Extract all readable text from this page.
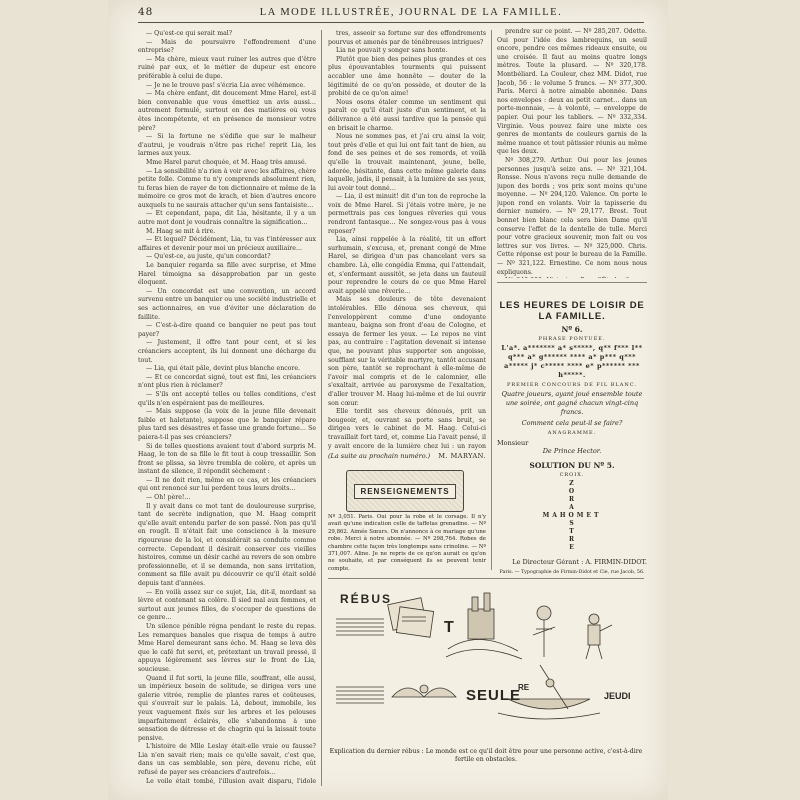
48	LA MODE ILLUSTRÉE, JOURNAL DE LA FAMILLE.

— Qu'est-ce qui serait mal?

— Mais de poursuivre l'effondrement d'une entreprise?

— Ma chère, mieux vaut ruiner les autres que d'être ruiné par eux, et le métier de dupeur est encore préférable à celui de dupe.

— Je ne le trouve pas! s'écria Lia avec véhémence.

— Ma chère enfant, dit doucement Mme Harel, est-il bien convenable que vous émettiez un avis aussi… autrement formulé, surtout en des matières où vous êtes incompétente, et en présence de monsieur votre père?

— Si la fortune ne s'édifie que sur le malheur d'autrui, je voudrais n'être pas riche! reprit Lia, les larmes aux yeux.

Mme Harel parut choquée, et M. Haag très amusé.

— La sensibilité n'a rien à voir avec les affaires, chère petite folle. Comme tu n'y comprends absolument rien, tu feras bien de rayer de ton dictionnaire et même de la mémoire ce gros mot de krach, et bien d'autres encore auxquels tu ne saurais attacher qu'un sens fantaisiste…

— Et cependant, papa, dit Lia, hésitante, il y a un autre mot dont je voudrais connaître la signification…

M. Haag se mit à rire.

— Et lequel? Décidément, Lia, tu vas t'intéresser aux affaires et devenir pour moi un précieux auxiliaire…

— Qu'est-ce, au juste, qu'un concordat?

Le banquier regarda sa fille avec surprise, et Mme Harel témoigna sa désapprobation par un geste éloquent.

— Un concordat est une convention, un accord survenu entre un banquier ou une société industrielle et ses actionnaires, en vue d'éviter une déclaration de faillite.

— C'est-à-dire quand ce banquier ne peut pas tout payer?

— Justement, il offre tant pour cent, et si les créanciers acceptent, ils lui donnent une décharge du tout.

— Lia, qui était pâle, devint plus blanche encore.

— Et ce concordat signé, tout est fini, les créanciers n'ont plus rien à réclamer?

— S'ils ont accepté telles ou telles conditions, c'est qu'ils n'en espéraient pas de meilleures.

— Mais suppose (la voix de la jeune fille devenait faible et haletante), suppose que le banquier répare plus tard ses désastres et fasse une grande fortune… Se paiera-t-il pas ses créanciers?

Si de telles questions avaient tout d'abord surpris M. Haag, le ton de sa fille le fit tout à coup tressaillir. Son front se plissa, sa lèvre trembla de colère, et après un instant de silence, il répondit sèchement :

— Il ne doit rien, même en ce cas, et les créanciers qui ont renoncé sur lui perdent tous leurs droits…

— Oh! père!…

Il y avait dans ce mot tant de douloureuse surprise, tant de secrète indignation, que M. Haag comprit qu'elle avait entendu parler de son passé. Non pas qu'il en rougît. Il n'était fait une conscience à la mesure rigoureuse de la loi, et considérait sa conduite comme correcte. Cependant il désirait conserver ces vieilles histoires, comme un désir caché au revers de son ombre professionnelle, et il se demanda, non sans irritation, comment sa fille avait pu découvrir ce qu'il était soldé depuis tant d'années.

— En voilà assez sur ce sujet, Lia, dit-il, mordant sa lèvre et contenant sa colère. Il sied mal aux femmes, et surtout aux jeunes filles, de s'occuper de questions de ce genre…

Un silence pénible régna pendant le reste du repas. Les remarques banales que risqua de temps à autre Mme Harel demeurant sans écho. M. Haag se leva dès que le café fut servi, et, prétextant un travail pressé, il appuya légèrement ses lèvres sur le front de Lia, soucieuse.

Quand il fut sorti, la jeune fille, souffrant, elle aussi, un impérieux besoin de solitude, se dirigea vers une galerie vitrée, remplie de plantes rares et coûteuses, qui s'ouvrait sur le palais. Là, debout, immobile, les yeux vaguement fixés sur les arbres et les pelouses imparfaitement éclairés, elle s'abandonna à une sensation de détresse et de chagrin qui la laissait toute pensive.

L'histoire de Mlle Leslay était-elle vraie ou fausse? Lia n'en savait rien; mais ce qu'elle savait, c'est que, dans un cas semblable, son père, devenu riche, eût refusé de payer ses créanciers d'autrefois…

Le voile était tombé, l'illusion avait disparu, l'idole

tres, asseoir sa fortune sur des effondrements pourvus et amenés par de ténébreuses intrigues?

Lia ne pouvait y songer sans honte.

Plutôt que bien des peines plus grandes et ces plus épouvantables tourments qui puissent accabler une âme honnête — douter de la légitimité de ce qu'on possède, et douter de la probité de ce qu'on aime!

Nous osons étaler comme un sentiment qui paraît ce qu'il était juste d'un sentiment, et la délivrance a été aussi tardive que la pensée qui en brisait le charme.

Nous ne sommes pas, et j'ai cru ainsi la voir, tout près d'elle et qui lui ont fait tant de bien, au fond de ses peines et de ses remords, et voilà qu'elle la trouvait maintenant, jeune, belle, adorée, hésitante, dans cette même galerie dans laquelle, jadis, il pensait, à la lumière de ses yeux, lui avoir tout donné…

— Lia, il est minuit! dit d'un ton de reproche la voix de Mme Harel. Si j'étais votre mère, je ne permettrais pas ces longues rêveries qui vous rendront fantasque… Ne songez-vous pas à vous reposer?

Lia, ainsi rappelée à la réalité, tit un effort surhumain, s'excusa, et, prenant congé de Mme Harel, se dirigea d'un pas chancelant vers sa chambre. Là, elle congédia Emma, qui l'attendait, et, s'enfermant aussitôt, se jeta dans un fauteuil pour reprendre le cours de ce que Mme Harel avait appelé une rêverie…

Mais ses douleurs de tête devenaient intolérables. Elle dénoua ses cheveux, qui l'enveloppèrent comme d'une ondoyante manteau, baigna son front d'eau de Cologne, et essaya de fermer les yeux. — Le repos ne vint pas, au contraire : l'agitation devenait si intense que, ne pouvant plus supporter son angoisse, soufflant sur la véritable martyre, tantôt accusant son père, tantôt se reprochant à elle-même de l'avoir mal compris et de le calomnier, elle s'exaltait, arrivée au paroxysme de l'exaltation, d'aller trouver M. Haag lui-même et de lui ouvrir son cœur.

Elle tordit ses cheveux dénoués, prit un bougeoir, et, ouvrant sa porte sans bruit, se dirigea vers le cabinet de M. Haag. Celui-ci travaillait fort tard, et, comme Lia l'avait pensé, il y avait encore de la lumière chez lui : un rayon

(La suite au prochain numéro.) M. MARYAN.
RENSEIGNEMENTS

Nº 3,051. Paris. Oui pour la robe et le corsage. Il n'y avait qu'une indication celle de taffetas grenadine. — Nº 29,862. Aimée Sœurs. On n'annonce à ce mariage qu'une robe. Merci à notre abonnée. — Nº 298,764. Robes de chambre cette façon très longtemps sans crinoline. — Nº 371,007. Aline. Je ne repris de ce qu'on aurait ce qu'on ne souhaite, et par conséquent ils se peuvent tenir compte.

prendre sur ce point. — Nº 285,207. Odette. Oui pour l'idée des lambrequins, un seuil encore, pendre ces mêmes rideaux ensuite, ou une croisée. Il faut au moins quatre longs mètres. Toute la plusard. — Nº 320,178. Montbéliard. La Couleur, chez MM. Didot, rue Jacob, 56 : le volume 5 francs. — Nº 377,300. Paris. Merci à notre aimable abonnée. Dans nos envelopes : deux au petit carnet… dans un porte-monnaie, — à volonté, — enveloppe de papier. Oui pour les tabliers. — Nº 332,334. Virginie. Vous pouvez faire une mixte ces genres de montants de couleurs garnis de la même nuance et tout pâtissier réunis au même que les deux.

Nº 308,279. Arthur. Oui pour les jeunes personnes jusqu'à seize ans. — Nº 321,104. Ronsse. Nous n'avons reçu nulle demande de jupon des bords ; vos prix sont moins qu'une moyenne. — Nº 294,120. Valence. On porte le jupon rond en volants. Voir la tapisserie du dernier numéro. — Nº 29,177. Brest. Tout bonnet bien blanc cela sera bien Dame qu'il conserve l'effet de la dentelle de tulle. Merci pour votre gracieux souvenir, mon fait ou vos lettres sur vos livres. — Nº 325,000. Chris. Cette réponse est pour le bureau de la Famille. — Nº 321,122. Ernestine. Ce nom nous nous expliquons.

LES HEURES DE LOISIR DE LA FAMILLE.
Nº 6.
PHRASE PONTUÉE.
L'a*. a******* a* s*****, q** f*** l** q*** a* g****** **** a* p*** q*** a***** j* c***** **** e* p****** *** h*****.
PREMIER CONCOURS DE FIL BLANC.
Quatre joueurs, ayant joué ensemble toute une soirée, ont gagné chacun vingt-cinq francs.
Comment cela peut-il se faire?
ANAGRAMME.
Monsieur
De Prince Hector.
SOLUTION DU Nº 5.
CROIX.
Z
O
R
A
MAHOMET
S
T
R
E
Le Directeur Gérant : A. FIRMIN-DIDOT.
Paris. — Typographie de Firmin-Didot et Cie, rue Jacob, 56.
T
SEULE
RE
JEUDI
RÉBUS
Explication du dernier rébus : Le monde est ce qu'il doit être pour une personne active, c'est-à-dire fertile en obstacles.
